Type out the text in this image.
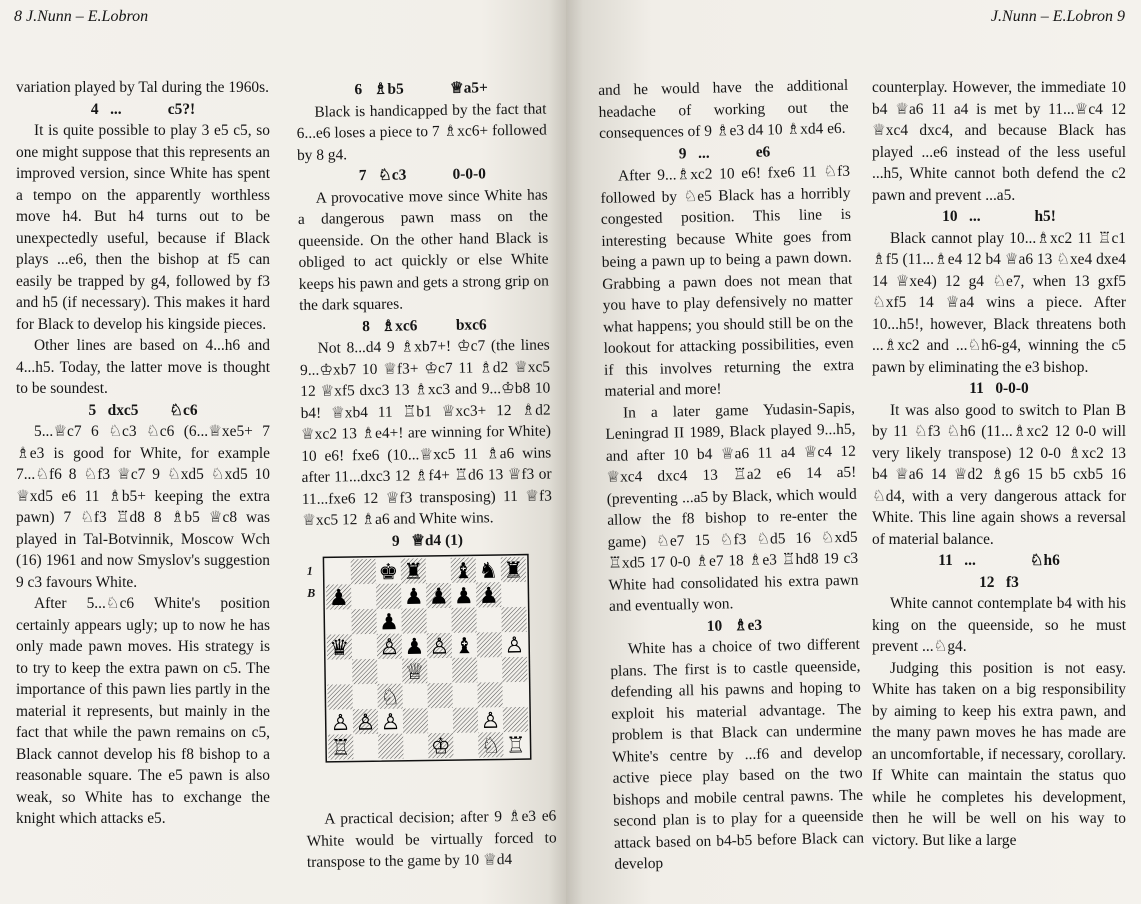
8 J.Nunn – E.Lobron

variation played by Tal during the 1960s.

4   ...            c5?!

It is quite possible to play 3 e5 c5, so one might suppose that this represents an improved version, since White has spent a tempo on the apparently worthless move h4. But h4 turns out to be unexpectedly useful, because if Black plays ...e6, then the bishop at f5 can easily be trapped by g4, followed by f3 and h5 (if necessary). This makes it hard for Black to develop his kingside pieces.

Other lines are based on 4...h6 and 4...h5. Today, the latter move is thought to be soundest.

5   dxc5        ♘c6

5...♕c7 6 ♘c3 ♘c6 (6...♕xe5+ 7 ♗e3 is good for White, for example 7...♘f6 8 ♘f3 ♕c7 9 ♘xd5 ♘xd5 10 ♕xd5 e6 11 ♗b5+ keeping the extra pawn) 7 ♘f3 ♖d8 8 ♗b5 ♕c8 was played in Tal-Botvinnik, Moscow Wch (16) 1961 and now Smyslov's suggestion 9 c3 favours White.

After 5...♘c6 White's position certainly appears ugly; up to now he has only made pawn moves. His strategy is to try to keep the extra pawn on c5. The importance of this pawn lies partly in the material it represents, but mainly in the fact that while the pawn remains on c5, Black cannot develop his f8 bishop to a reasonable square. The e5 pawn is also weak, so White has to exchange the knight which attacks e5.

6   ♗b5            ♕a5+

Black is handicapped by the fact that 6...e6 loses a piece to 7 ♗xc6+ followed by 8 g4.

7   ♘c3            0-0-0

A provocative move since White has a dangerous pawn mass on the queenside. On the other hand Black is obliged to act quickly or else White keeps his pawn and gets a strong grip on the dark squares.

8   ♗xc6          bxc6

Not 8...d4 9 ♗xb7+! ♔c7 (the lines 9...♔xb7 10 ♕f3+ ♔c7 11 ♗d2 ♕xc5 12 ♕xf5 dxc3 13 ♗xc3 and 9...♔b8 10 b4! ♕xb4 11 ♖b1 ♕xc3+ 12 ♗d2 ♕xc2 13 ♗e4+! are winning for White) 10 e6! fxe6 (10...♕xc5 11 ♗a6 wins after 11...dxc3 12 ♗f4+ ♖d6 13 ♕f3 or 11...fxe6 12 ♕f3 transposing) 11 ♕f3 ♕xc5 12 ♗a6 and White wins.

9   ♕d4 (1)

1
B
♚ ♜ ♝ ♞ ♜
♟ ♟ ♟ ♟ ♟
♟
♛ ♙ ♟ ♙ ♝ ♙
♕
♘
♙ ♙ ♙	♙
♖	♔ ♘ ♖

A practical decision; after 9 ♗e3 e6 White would be virtually forced to transpose to the game by 10 ♕d4

J.Nunn – E.Lobron 9

and he would have the additional headache of working out the consequences of 9 ♗e3 d4 10 ♗xd4 e6.

9   ...            e6

After 9...♗xc2 10 e6! fxe6 11 ♘f3 followed by ♘e5 Black has a horribly congested position. This line is interesting because White goes from being a pawn up to being a pawn down. Grabbing a pawn does not mean that you have to play defensively no matter what happens; you should still be on the lookout for attacking possibilities, even if this involves returning the extra material and more!

In a later game Yudasin-Sapis, Leningrad II 1989, Black played 9...h5, and after 10 b4 ♕a6 11 a4 ♕c4 12 ♕xc4 dxc4 13 ♖a2 e6 14 a5! (preventing ...a5 by Black, which would allow the f8 bishop to re-enter the game) ♘e7 15 ♘f3 ♘d5 16 ♘xd5 ♖xd5 17 0-0 ♗e7 18 ♗e3 ♖hd8 19 c3 White had consolidated his extra pawn and eventually won.

10   ♗e3

White has a choice of two different plans. The first is to castle queenside, defending all his pawns and hoping to exploit his material advantage. The problem is that Black can undermine White's centre by ...f6 and develop active piece play based on the two bishops and mobile central pawns. The second plan is to play for a queenside attack based on b4-b5 before Black can develop

counterplay. However, the immediate 10 b4 ♕a6 11 a4 is met by 11...♕c4 12 ♕xc4 dxc4, and because Black has played ...e6 instead of the less useful ...h5, White cannot both defend the c2 pawn and prevent ...a5.

10   ...              h5!

Black cannot play 10...♗xc2 11 ♖c1 ♗f5 (11...♗e4 12 b4 ♕a6 13 ♘xe4 dxe4 14 ♕xe4) 12 g4 ♘e7, when 13 gxf5 ♘xf5 14 ♕a4 wins a piece. After 10...h5!, however, Black threatens both ...♗xc2 and ...♘h6-g4, winning the c5 pawn by eliminating the e3 bishop.

11   0-0-0

It was also good to switch to Plan B by 11 ♘f3 ♘h6 (11...♗xc2 12 0-0 will very likely transpose) 12 0-0 ♗xc2 13 b4 ♕a6 14 ♕d2 ♗g6 15 b5 cxb5 16 ♘d4, with a very dangerous attack for White. This line again shows a reversal of material balance.

11   ...              ♘h6

12   f3

White cannot contemplate b4 with his king on the queenside, so he must prevent ...♘g4.

Judging this position is not easy. White has taken on a big responsibility by aiming to keep his extra pawn, and the many pawn moves he has made are an uncomfortable, if necessary, corollary. If White can maintain the status quo while he completes his development, then he will be well on his way to victory. But like a large
